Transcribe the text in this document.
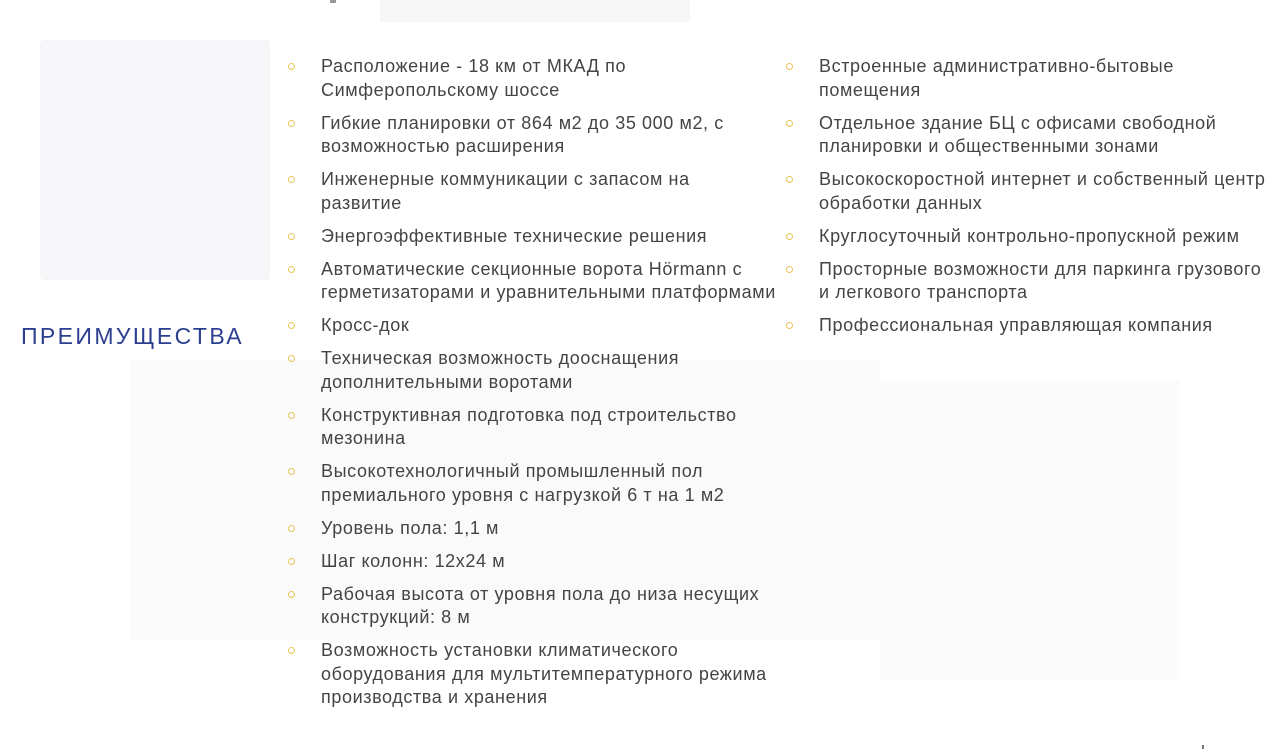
ПРЕИМУЩЕСТВА
Расположение - 18 км от МКАД по Симферопольскому шоссе
Гибкие планировки от 864 м2 до 35 000 м2, с возможностью расширения
Инженерные коммуникации с запасом на развитие
Энергоэффективные технические решения
Автоматические секционные ворота Hörmann с герметизаторами и уравнительными платформами
Кросс-док
Техническая возможность дооснащения дополнительными воротами
Конструктивная подготовка под строительство мезонина
Высокотехнологичный промышленный пол премиального уровня с нагрузкой 6 т на 1 м2
Уровень пола: 1,1 м
Шаг колонн: 12х24 м
Рабочая высота от уровня пола до низа несущих конструкций: 8 м
Возможность установки климатического оборудования для мультитемпературного режима производства и хранения
Встроенные административно-бытовые помещения
Отдельное здание БЦ с офисами свободной планировки и общественными зонами
Высокоскоростной интернет и собственный центр обработки данных
Круглосуточный контрольно-пропускной режим
Просторные возможности для паркинга грузового и легкового транспорта
Профессиональная управляющая компания
